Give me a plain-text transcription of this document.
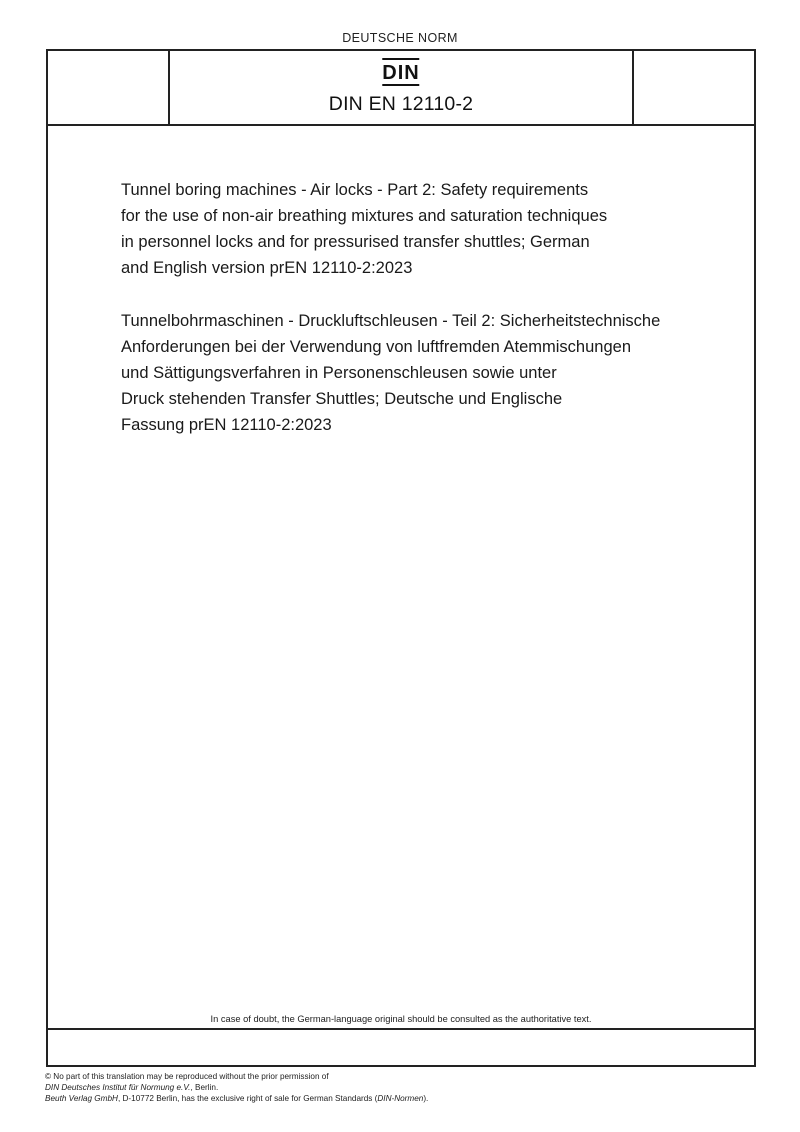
DEUTSCHE NORM
DIN
DIN EN 12110-2

Tunnel boring machines - Air locks - Part 2: Safety requirements

for the use of non-air breathing mixtures and saturation techniques

in personnel locks and for pressurised transfer shuttles; German

and English version prEN 12110-2:2023

Tunnelbohrmaschinen - Druckluftschleusen - Teil 2: Sicherheitstechnische

Anforderungen bei der Verwendung von luftfremden Atemmischungen

und Sättigungsverfahren in Personenschleusen sowie unter

Druck stehenden Transfer Shuttles; Deutsche und Englische

Fassung prEN 12110-2:2023

In case of doubt, the German-language original should be consulted as the authoritative text.

© No part of this translation may be reproduced without the prior permission of

DIN Deutsches Institut für Normung e.V., Berlin.

Beuth Verlag GmbH, D-10772 Berlin, has the exclusive right of sale for German Standards (DIN-Normen).
